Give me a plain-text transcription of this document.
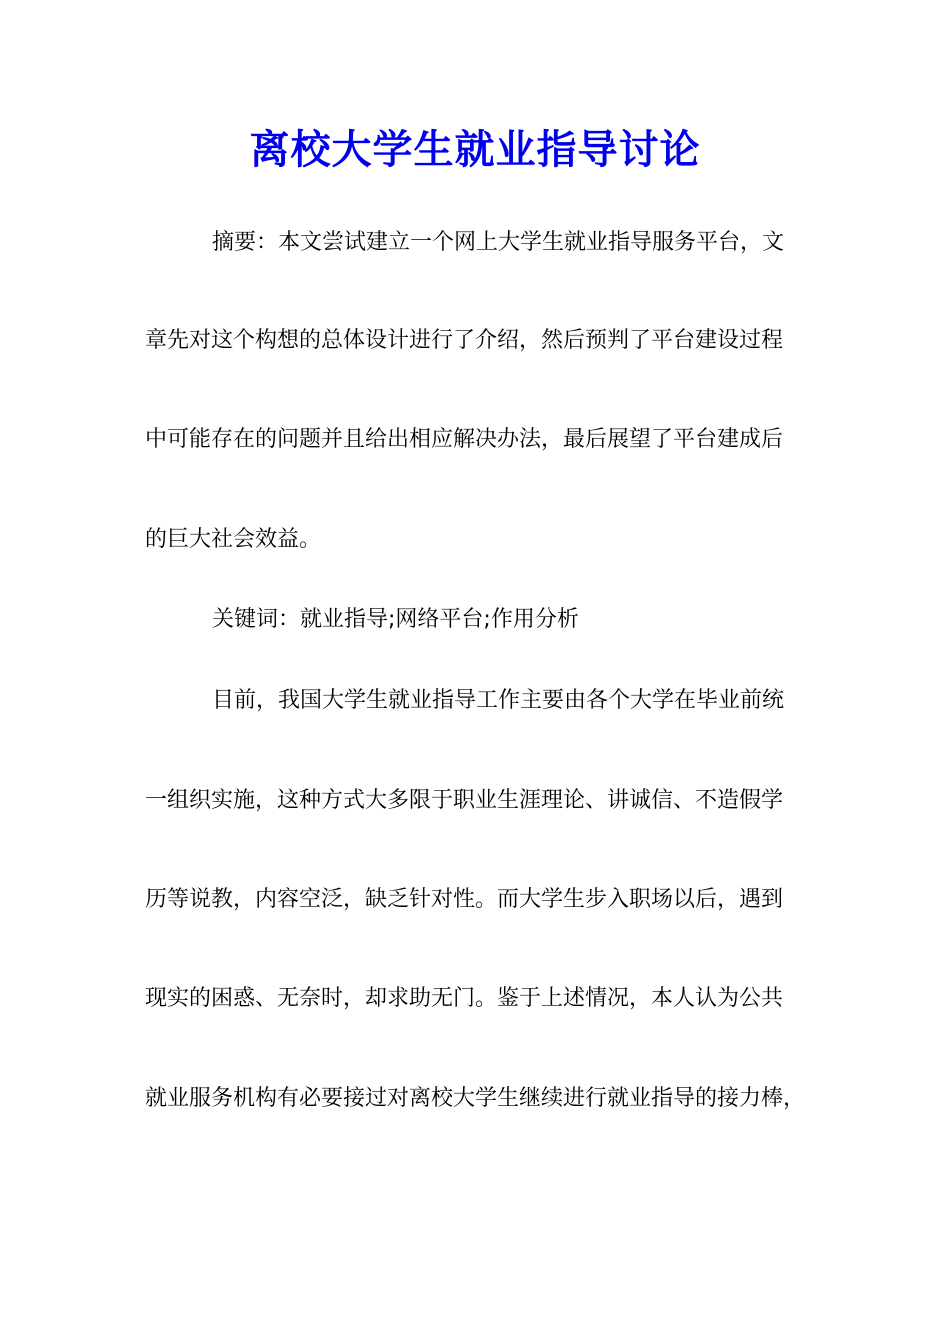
离校大学生就业指导讨论
摘要：本文尝试建立一个网上大学生就业指导服务平台，文
章先对这个构想的总体设计进行了介绍，然后预判了平台建设过程
中可能存在的问题并且给出相应解决办法，最后展望了平台建成后
的巨大社会效益。
关键词：就业指导;网络平台;作用分析
目前，我国大学生就业指导工作主要由各个大学在毕业前统
一组织实施，这种方式大多限于职业生涯理论、讲诚信、不造假学
历等说教，内容空泛，缺乏针对性。而大学生步入职场以后，遇到
现实的困惑、无奈时，却求助无门。鉴于上述情况，本人认为公共
就业服务机构有必要接过对离校大学生继续进行就业指导的接力棒，
